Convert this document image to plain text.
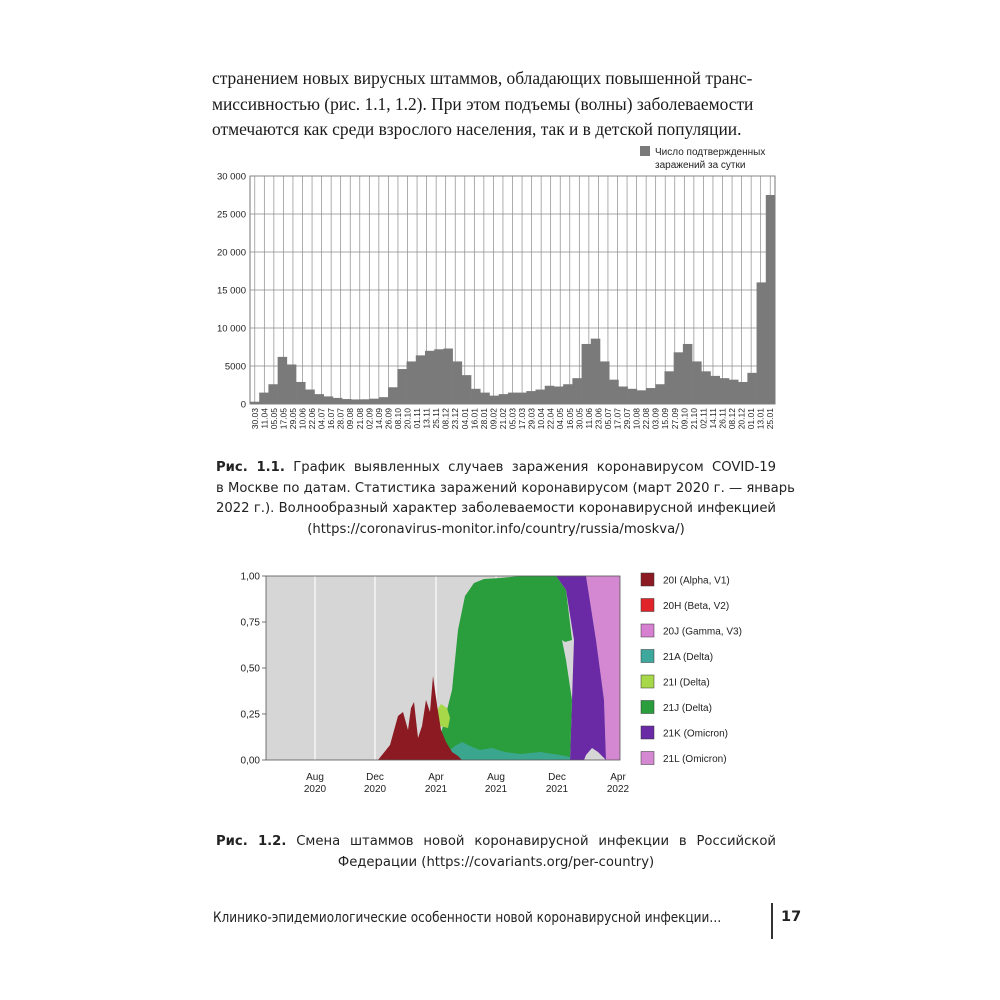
странением новых вирусных штаммов, обладающих повышенной транс-
миссивностью (рис. 1.1, 1.2). При этом подъемы (волны) заболеваемости
отмечаются как среди взрослого населения, так и в детской популяции.
0
5000
10 000
15 000
20 000
25 000
30 000
30.03 11.04 05.05 17.05 29.05 10.06 22.06 04.07 16.07 28.07 09.08 21.08 02.09 14.09 26.09 08.10 20.10 01.11 13.11 25.11 08.12 23.12 04.01 16.01 28.01 09.02 21.02 05.03 17.03 29.03 10.04 22.04 04.05 16.05 30.05 11.06 23.06 05.07 17.07 29.07 10.08 22.08 03.09 15.09 27.09 09.10 21.10 02.11 14.11 26.11 08.12 20.12 01.01 13.01 25.01
Число подтвержденных
заражений за сутки
0,00
0,25
0,50
0,75
1,00
Aug
2020
Dec
2020
Apr
2021
Aug
2021
Dec
2021
Apr
2022
20I (Alpha, V1)
20H (Beta, V2)
20J (Gamma, V3)
21A (Delta)
21I (Delta)
21J (Delta)
21K (Omicron)
21L (Omicron)
Рис. 1.1. График выявленных случаев заражения коронавирусом COVID-19
в Москве по датам. Статистика заражений коронавирусом (март 2020 г. — январь
2022 г.). Волнообразный характер заболеваемости коронавирусной инфекцией
(https://coronavirus-monitor.info/country/russia/moskva/)
Рис. 1.2. Смена штаммов новой коронавирусной инфекции в Российской
Федерации (https://covariants.org/per-country)
Клинико-эпидемиологические особенности новой коронавирусной инфекции…	17
